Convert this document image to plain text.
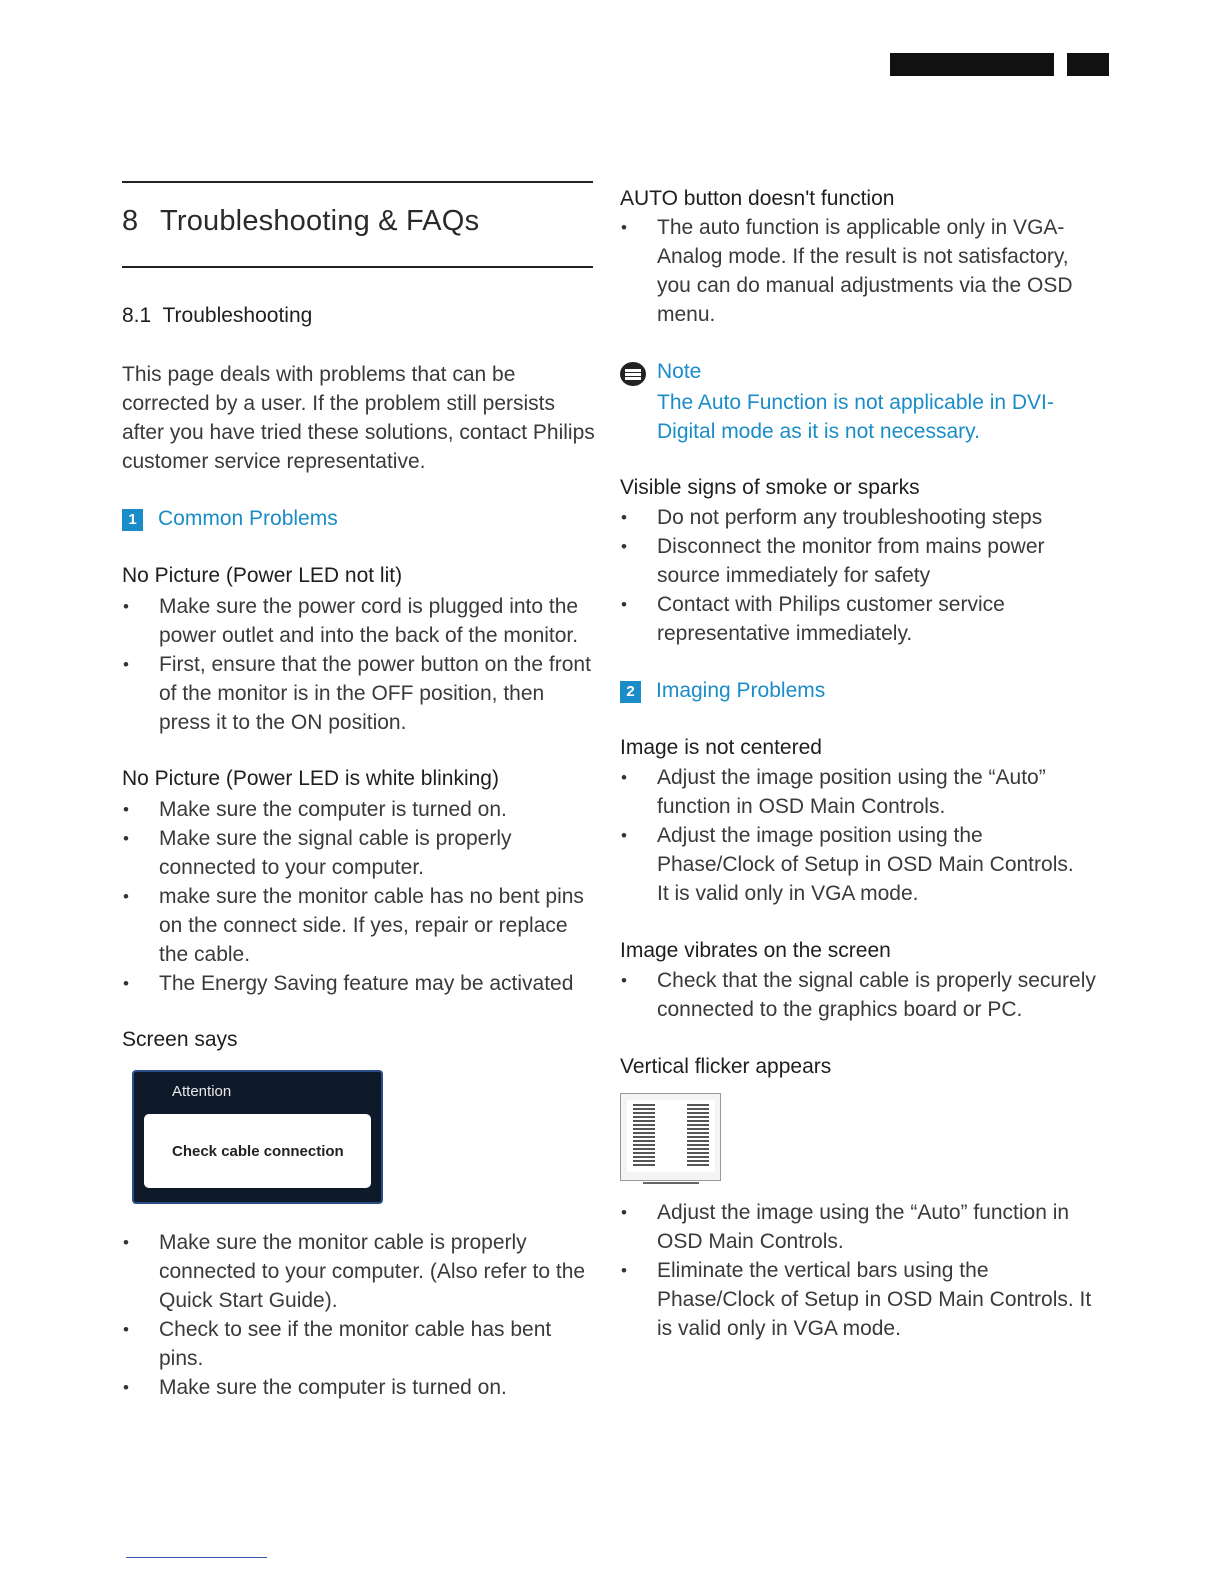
8 Troubleshooting & FAQs
8.1 Troubleshooting
This page deals with problems that can be corrected by a user. If the problem still persists after you have tried these solutions, contact Philips customer service representative.
1 Common Problems
No Picture (Power LED not lit)
• Make sure the power cord is plugged into the power outlet and into the back of the monitor.
• First, ensure that the power button on the front of the monitor is in the OFF position, then press it to the ON position.
No Picture (Power LED is white blinking)
• Make sure the computer is turned on.
• Make sure the signal cable is properly connected to your computer.
• make sure the monitor cable has no bent pins on the connect side. If yes, repair or replace the cable.
• The Energy Saving feature may be activated
Screen says
Attention
Check cable connection
• Make sure the monitor cable is properly connected to your computer. (Also refer to the Quick Start Guide).
• Check to see if the monitor cable has bent pins.
• Make sure the computer is turned on.
AUTO button doesn't function
• The auto function is applicable only in VGA-Analog mode. If the result is not satisfactory, you can do manual adjustments via the OSD menu.
Note
The Auto Function is not applicable in DVI-Digital mode as it is not necessary.
Visible signs of smoke or sparks
• Do not perform any troubleshooting steps
• Disconnect the monitor from mains power source immediately for safety
• Contact with Philips customer service representative immediately.
2 Imaging Problems
Image is not centered
• Adjust the image position using the “Auto” function in OSD Main Controls.
• Adjust the image position using the Phase/Clock of Setup in OSD Main Controls. It is valid only in VGA mode.
Image vibrates on the screen
• Check that the signal cable is properly securely connected to the graphics board or PC.
Vertical flicker appears
• Adjust the image using the “Auto” function in OSD Main Controls.
• Eliminate the vertical bars using the Phase/Clock of Setup in OSD Main Controls. It is valid only in VGA mode.
